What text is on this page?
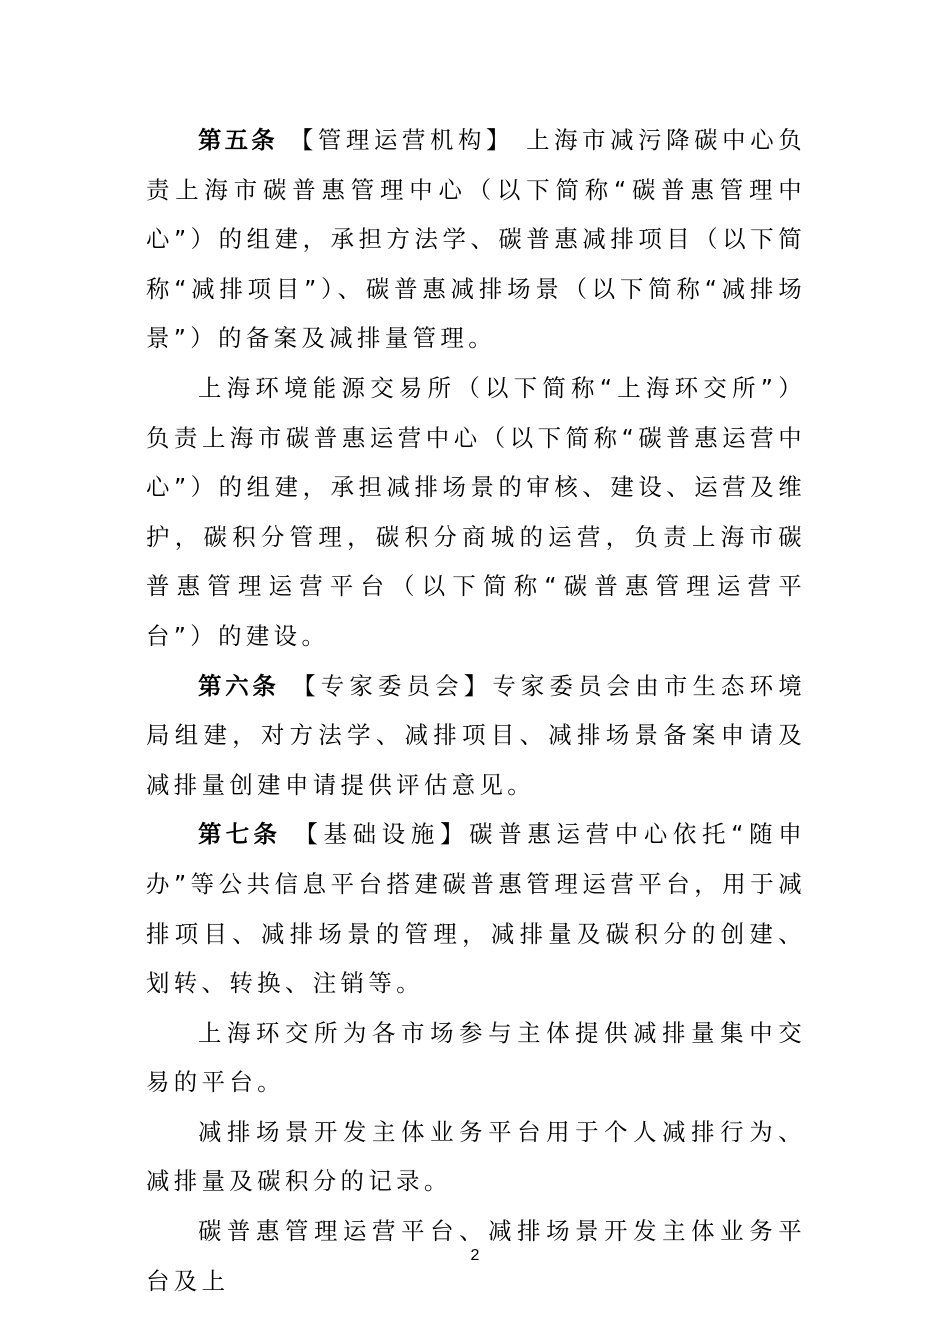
第五条 【管理运营机构】 上海市减污降碳中心负责上海市碳普惠管理中心（以下简称“碳普惠管理中心”）的组建，承担方法学、碳普惠减排项目（以下简称“减排项目”）、碳普惠减排场景（以下简称“减排场景”）的备案及减排量管理。

上海环境能源交易所（以下简称“上海环交所”）负责上海市碳普惠运营中心（以下简称“碳普惠运营中心”）的组建，承担减排场景的审核、建设、运营及维护，碳积分管理，碳积分商城的运营，负责上海市碳普惠管理运营平台（以下简称“碳普惠管理运营平台”）的建设。

第六条 【专家委员会】专家委员会由市生态环境局组建，对方法学、减排项目、减排场景备案申请及减排量创建申请提供评估意见。

第七条 【基础设施】碳普惠运营中心依托“随申办”等公共信息平台搭建碳普惠管理运营平台，用于减排项目、减排场景的管理，减排量及碳积分的创建、划转、转换、注销等。

上海环交所为各市场参与主体提供减排量集中交易的平台。

减排场景开发主体业务平台用于个人减排行为、减排量及碳积分的记录。

碳普惠管理运营平台、减排场景开发主体业务平台及上

2
